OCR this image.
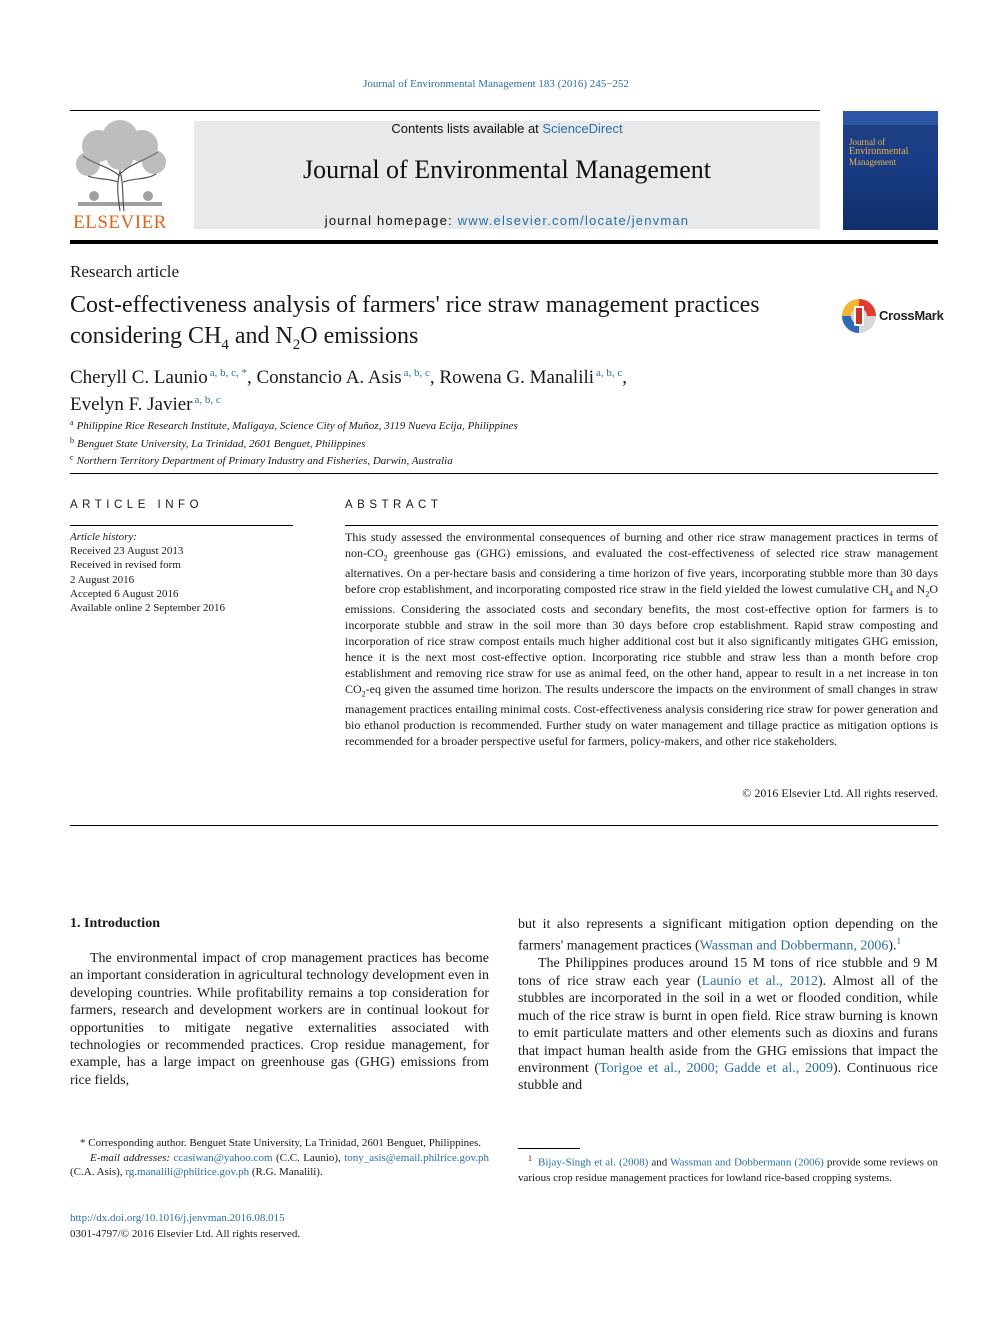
Journal of Environmental Management 183 (2016) 245−252
ELSEVIER
Contents lists available at ScienceDirect
Journal of Environmental Management
journal homepage: www.elsevier.com/locate/jenvman
Journal of
Environmental
Management
Research article
Cost-effectiveness analysis of farmers' rice straw management practices considering $CH_4$ and $N_2O$ emissions
CrossMark
Cheryll C. Launio $^{a, b, c, *}$, Constancio A. Asis $^{a, b, c}$, Rowena G. Manalili $^{a, b, c}$,
Evelyn F. Javier $^{a, b, c}$
$^a$ Philippine Rice Research Institute, Maligaya, Science City of Muñoz, 3119 Nueva Ecija, Philippines
$^b$ Benguet State University, La Trinidad, 2601 Benguet, Philippines
$^c$ Northern Territory Department of Primary Industry and Fisheries, Darwin, Australia
ARTICLE INFO
Article history:
Received 23 August 2013
Received in revised form
2 August 2016
Accepted 6 August 2016
Available online 2 September 2016
ABSTRACT
This study assessed the environmental consequences of burning and other rice straw management practices in terms of non-$CO_2$ greenhouse gas (GHG) emissions, and evaluated the cost-effectiveness of selected rice straw management alternatives. On a per-hectare basis and considering a time horizon of five years, incorporating stubble more than 30 days before crop establishment, and incorporating composted rice straw in the field yielded the lowest cumulative $CH_4$ and $N_2O$ emissions. Considering the associated costs and secondary benefits, the most cost-effective option for farmers is to incorporate stubble and straw in the soil more than 30 days before crop establishment. Rapid straw composting and incorporation of rice straw compost entails much higher additional cost but it also significantly mitigates GHG emission, hence it is the next most cost-effective option. Incorporating rice stubble and straw less than a month before crop establishment and removing rice straw for use as animal feed, on the other hand, appear to result in a net increase in ton $CO_2-eq$ given the assumed time horizon. The results underscore the impacts on the environment of small changes in straw management practices entailing minimal costs. Cost-effectiveness analysis considering rice straw for power generation and bio ethanol production is recommended. Further study on water management and tillage practice as mitigation options is recommended for a broader perspective useful for farmers, policy-makers, and other rice stakeholders.
© 2016 Elsevier Ltd. All rights reserved.
1. Introduction
The environmental impact of crop management practices has become an important consideration in agricultural technology development even in developing countries. While profitability remains a top consideration for farmers, research and development workers are in continual lookout for opportunities to mitigate negative externalities associated with technologies or recommended practices. Crop residue management, for example, has a large impact on greenhouse gas (GHG) emissions from rice fields,
but it also represents a significant mitigation option depending on the farmers' management practices (Wassman and Dobbermann, 2006).$^1$
The Philippines produces around 15 M tons of rice stubble and 9 M tons of rice straw each year (Launio et al., 2012). Almost all of the stubbles are incorporated in the soil in a wet or flooded condition, while much of the rice straw is burnt in open field. Rice straw burning is known to emit particulate matters and other elements such as dioxins and furans that impact human health aside from the GHG emissions that impact the environment (Torigoe et al., 2000; Gadde et al., 2009). Continuous rice stubble and
* Corresponding author. Benguet State University, La Trinidad, 2601 Benguet, Philippines.
E-mail addresses: ccasiwan@yahoo.com (C.C. Launio), tony_asis@email.philrice.gov.ph (C.A. Asis), rg.manalili@philrice.gov.ph (R.G. Manalili).
http://dx.doi.org/10.1016/j.jenvman.2016.08.015
0301-4797/© 2016 Elsevier Ltd. All rights reserved.
$^1$ Bijay-Singh et al. (2008) and Wassman and Dobbermann (2006) provide some reviews on various crop residue management practices for lowland rice-based cropping systems.
